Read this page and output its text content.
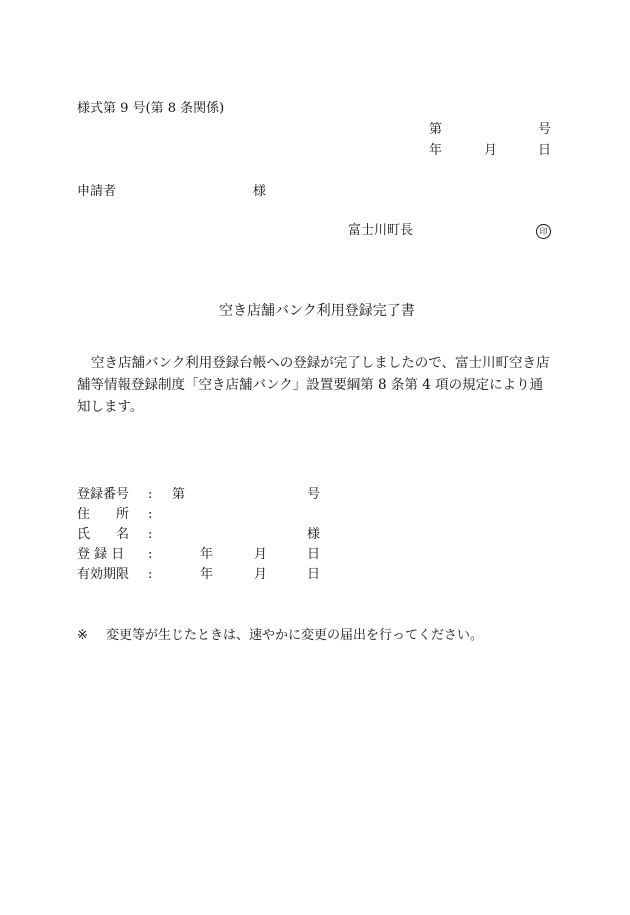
様式第 9 号(第 8 条関係)
第	号
年	月	日
申請者	様
富士川町長	印
空き店舗バンク利用登録完了書
空き店舗バンク利用登録台帳への登録が完了しましたので、富士川町空き店舗等情報登録制度「空き店舗バンク」設置要綱第 8 条第 4 項の規定により通知します。
登録番号 : 第	号
住　　所 :
氏　　名 :	様
登 録 日 :	年	月	日
有効期限 :	年	月	日
※ 変更等が生じたときは、速やかに変更の届出を行ってください。
